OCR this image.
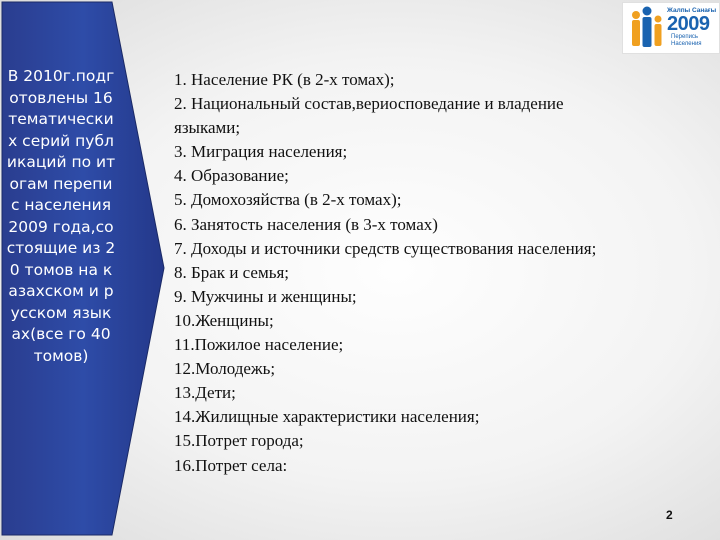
В 2010г.подготовлены 16 тематических серий публикаций по итогам перепис населения 2009 года,состоящие из 20 томов на казахском и русском языках(все го 40 томов)
Жалпы Санағы
2009
Перепись
Населения
1. Население РК (в 2-х томах);
2. Национальный состав,вериосповедание и владение
языками;
3. Миграция населения;
4. Образование;
5. Домохозяйства (в 2-х томах);
6. Занятость населения (в 3-х томах)
7. Доходы и источники средств существования населения;
8. Брак и семья;
9. Мужчины и женщины;
10.Женщины;
11.Пожилое население;
12.Молодежь;
13.Дети;
14.Жилищные характеристики населения;
15.Потрет города;
16.Потрет села:
2
